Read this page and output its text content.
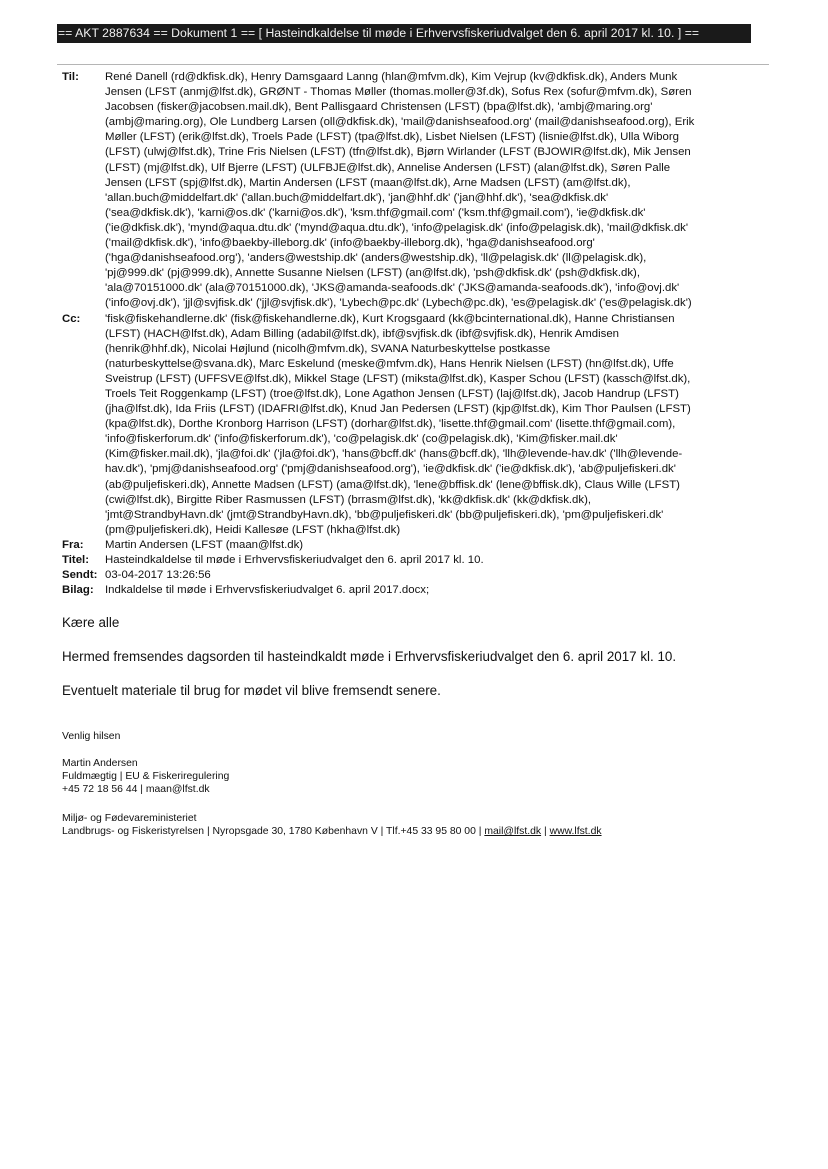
== AKT 2887634 == Dokument 1 == [ Hasteindkaldelse til møde i Erhvervsfiskeriudvalget den 6. april 2017 kl. 10. ] ==
Til:	René Danell (rd@dkfisk.dk), Henry Damsgaard Lanng (hlan@mfvm.dk), Kim Vejrup (kv@dkfisk.dk), Anders Munk
Jensen (LFST (anmj@lfst.dk), GRØNT - Thomas Møller (thomas.moller@3f.dk), Sofus Rex (sofur@mfvm.dk), Søren
Jacobsen (fisker@jacobsen.mail.dk), Bent Pallisgaard Christensen (LFST) (bpa@lfst.dk), 'ambj@maring.org'
(ambj@maring.org), Ole Lundberg Larsen (oll@dkfisk.dk), 'mail@danishseafood.org' (mail@danishseafood.org), Erik
Møller (LFST) (erik@lfst.dk), Troels Pade (LFST) (tpa@lfst.dk), Lisbet Nielsen (LFST) (lisnie@lfst.dk), Ulla Wiborg
(LFST) (ulwj@lfst.dk), Trine Fris Nielsen (LFST) (tfn@lfst.dk), Bjørn Wirlander (LFST (BJOWIR@lfst.dk), Mik Jensen
(LFST) (mj@lfst.dk), Ulf Bjerre (LFST) (ULFBJE@lfst.dk), Annelise Andersen (LFST) (alan@lfst.dk), Søren Palle
Jensen (LFST (spj@lfst.dk), Martin Andersen (LFST (maan@lfst.dk), Arne Madsen (LFST) (am@lfst.dk),
'allan.buch@middelfart.dk' ('allan.buch@middelfart.dk'), 'jan@hhf.dk' ('jan@hhf.dk'), 'sea@dkfisk.dk'
('sea@dkfisk.dk'), 'karni@os.dk' ('karni@os.dk'), 'ksm.thf@gmail.com' ('ksm.thf@gmail.com'), 'ie@dkfisk.dk'
('ie@dkfisk.dk'), 'mynd@aqua.dtu.dk' ('mynd@aqua.dtu.dk'), 'info@pelagisk.dk' (info@pelagisk.dk), 'mail@dkfisk.dk'
('mail@dkfisk.dk'), 'info@baekby-illeborg.dk' (info@baekby-illeborg.dk), 'hga@danishseafood.org'
('hga@danishseafood.org'), 'anders@westship.dk' (anders@westship.dk), 'll@pelagisk.dk' (ll@pelagisk.dk),
'pj@999.dk' (pj@999.dk), Annette Susanne Nielsen (LFST) (an@lfst.dk), 'psh@dkfisk.dk' (psh@dkfisk.dk),
'ala@70151000.dk' (ala@70151000.dk), 'JKS@amanda-seafoods.dk' ('JKS@amanda-seafoods.dk'), 'info@ovj.dk'
('info@ovj.dk'), 'jjl@svjfisk.dk' ('jjl@svjfisk.dk'), 'Lybech@pc.dk' (Lybech@pc.dk), 'es@pelagisk.dk' ('es@pelagisk.dk')
Cc:	'fisk@fiskehandlerne.dk' (fisk@fiskehandlerne.dk), Kurt Krogsgaard (kk@bcinternational.dk), Hanne Christiansen
(LFST) (HACH@lfst.dk), Adam Billing (adabil@lfst.dk), ibf@svjfisk.dk (ibf@svjfisk.dk), Henrik Amdisen
(henrik@hhf.dk), Nicolai Højlund (nicolh@mfvm.dk), SVANA Naturbeskyttelse postkasse
(naturbeskyttelse@svana.dk), Marc Eskelund (meske@mfvm.dk), Hans Henrik Nielsen (LFST) (hn@lfst.dk), Uffe
Sveistrup (LFST) (UFFSVE@lfst.dk), Mikkel Stage (LFST) (miksta@lfst.dk), Kasper Schou (LFST) (kassch@lfst.dk),
Troels Teit Roggenkamp (LFST) (troe@lfst.dk), Lone Agathon Jensen (LFST) (laj@lfst.dk), Jacob Handrup (LFST)
(jha@lfst.dk), Ida Friis (LFST) (IDAFRI@lfst.dk), Knud Jan Pedersen (LFST) (kjp@lfst.dk), Kim Thor Paulsen (LFST)
(kpa@lfst.dk), Dorthe Kronborg Harrison (LFST) (dorhar@lfst.dk), 'lisette.thf@gmail.com' (lisette.thf@gmail.com),
'info@fiskerforum.dk' ('info@fiskerforum.dk'), 'co@pelagisk.dk' (co@pelagisk.dk), 'Kim@fisker.mail.dk'
(Kim@fisker.mail.dk), 'jla@foi.dk' ('jla@foi.dk'), 'hans@bcff.dk' (hans@bcff.dk), 'llh@levende-hav.dk' ('llh@levende-
hav.dk'), 'pmj@danishseafood.org' ('pmj@danishseafood.org'), 'ie@dkfisk.dk' ('ie@dkfisk.dk'), 'ab@puljefiskeri.dk'
(ab@puljefiskeri.dk), Annette Madsen (LFST) (ama@lfst.dk), 'lene@bffisk.dk' (lene@bffisk.dk), Claus Wille (LFST)
(cwi@lfst.dk), Birgitte Riber Rasmussen (LFST) (brrasm@lfst.dk), 'kk@dkfisk.dk' (kk@dkfisk.dk),
'jmt@StrandbyHavn.dk' (jmt@StrandbyHavn.dk), 'bb@puljefiskeri.dk' (bb@puljefiskeri.dk), 'pm@puljefiskeri.dk'
(pm@puljefiskeri.dk), Heidi Kallesøe (LFST (hkha@lfst.dk)
Fra:	Martin Andersen (LFST (maan@lfst.dk)
Titel:	Hasteindkaldelse til møde i Erhvervsfiskeriudvalget den 6. april 2017 kl. 10.
Sendt: 03-04-2017 13:26:56
Bilag: Indkaldelse til møde i Erhvervsfiskeriudvalget 6. april 2017.docx;
Kære alle
Hermed fremsendes dagsorden til hasteindkaldt møde i Erhvervsfiskeriudvalget den 6. april 2017 kl. 10.
Eventuelt materiale til brug for mødet vil blive fremsendt senere.
Venlig hilsen
Martin Andersen
Fuldmægtig | EU & Fiskeriregulering
+45 72 18 56 44 | maan@lfst.dk
Miljø- og Fødevareministeriet
Landbrugs- og Fiskeristyrelsen | Nyropsgade 30, 1780 København V | Tlf.+45 33 95 80 00 | mail@lfst.dk | www.lfst.dk
